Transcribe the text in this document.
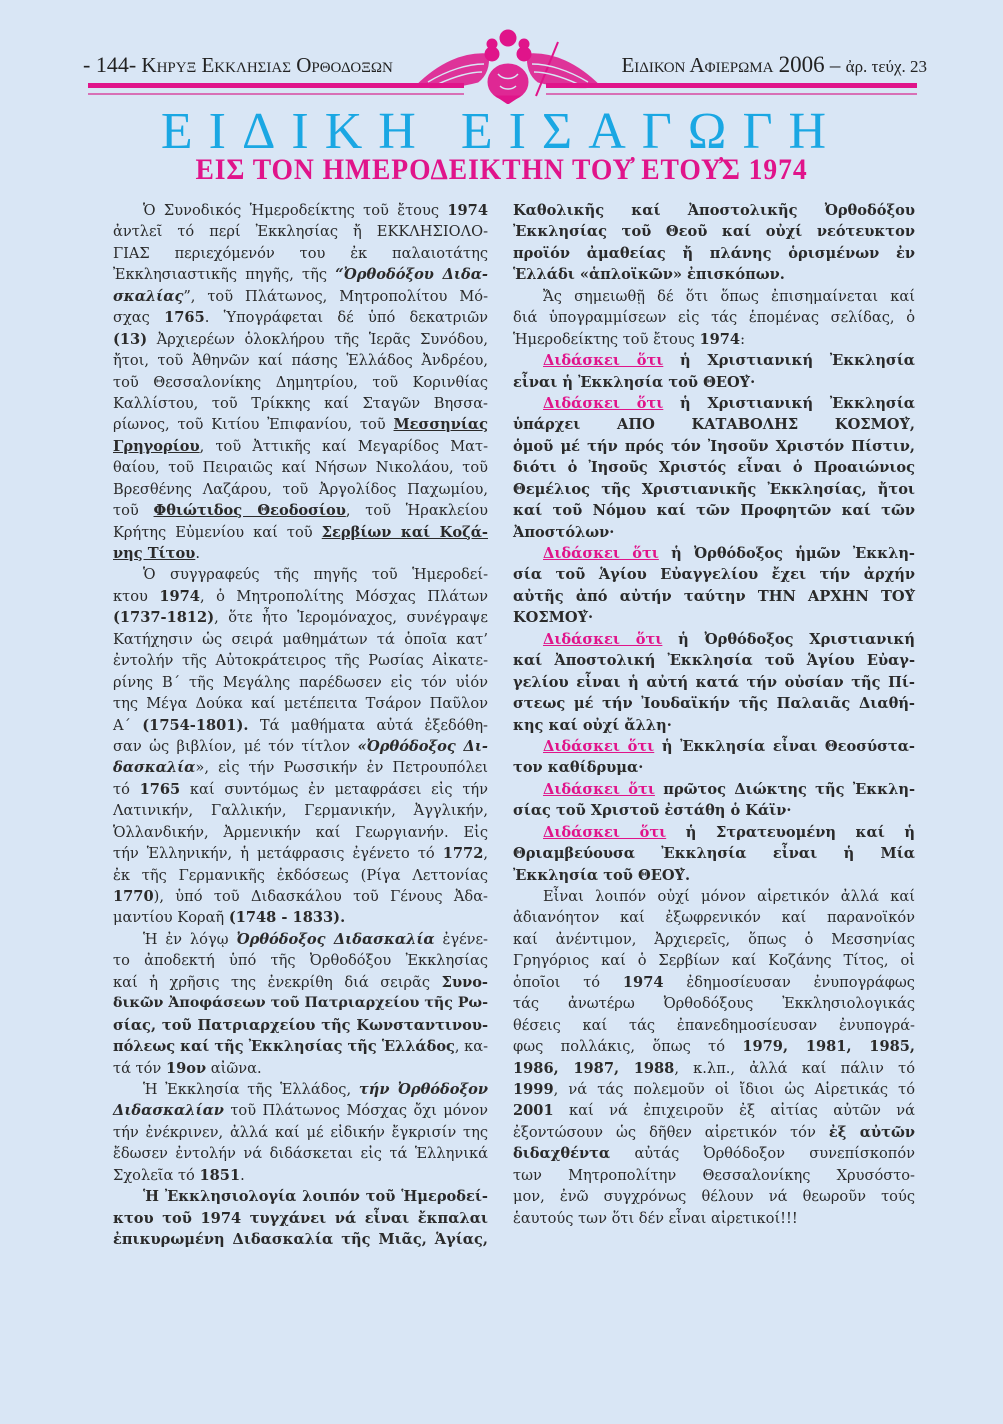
- 144- Κηρυξ Εκκλησιας Ορθοδοξων	Ειδικον Αφιερωμα 2006 – ἀρ. τεύχ. 23
ΕΙΔΙΚΗ ΕΙΣΑΓΩΓΗ
ΕΙΣ ΤΟΝ ΗΜΕΡΟΔΕΙΚΤΗΝ ΤΟΥ̓ ΕΤΟΥ̓Σ 1974
Ὁ Συνοδικός Ἡμεροδείκτης τοῦ ἔτους 1974
ἀντλεῖ τό περί Ἐκκλησίας ἤ ΕΚΚΛΗΣΙΟΛΟ-
ΓΙΑΣ περιεχόμενόν του ἐκ παλαιοτάτης
Ἐκκλησιαστικῆς πηγῆς, τῆς “Ὀρθοδόξου Διδα-
σκαλίας”, τοῦ Πλάτωνος, Μητροπολίτου Μό-
σχας 1765. Ὑπογράφεται δέ ὑπό δεκατριῶν
(13) Ἀρχιερέων ὁλοκλήρου τῆς Ἱερᾶς Συνόδου,
ἤτοι, τοῦ Ἀθηνῶν καί πάσης Ἑλλάδος Ἀνδρέου,
τοῦ Θεσσαλονίκης Δημητρίου, τοῦ Κορινθίας
Καλλίστου, τοῦ Τρίκκης καί Σταγῶν Βησσα-
ρίωνος, τοῦ Κιτίου Ἐπιφανίου, τοῦ Μεσσηνίας
Γρηγορίου, τοῦ Ἀττικῆς καί Μεγαρίδος Ματ-
θαίου, τοῦ Πειραιῶς καί Νήσων Νικολάου, τοῦ
Βρεσθένης Λαζάρου, τοῦ Ἀργολίδος Παχωμίου,
τοῦ Φθιώτιδος Θεοδοσίου, τοῦ Ἡρακλείου
Κρήτης Εὐμενίου καί τοῦ Σερβίων καί Κοζά-
νης Τίτου.
Ὁ συγγραφεύς τῆς πηγῆς τοῦ Ἡμεροδεί-
κτου 1974, ὁ Μητροπολίτης Μόσχας Πλάτων
(1737-1812), ὅτε ἦτο Ἱερομόναχος, συνέγραψε
Κατήχησιν ὡς σειρά μαθημάτων τά ὁποῖα κατ’
ἐντολήν τῆς Αὐτοκράτειρος τῆς Ρωσίας Αἰκατε-
ρίνης Β΄ τῆς Μεγάλης παρέδωσεν εἰς τόν υἱόν
της Μέγα Δούκα καί μετέπειτα Τσάρον Παῦλον
Α΄ (1754-1801). Τά μαθήματα αὐτά ἐξεδόθη-
σαν ὡς βιβλίον, μέ τόν τίτλον «Ὀρθόδοξος Δι-
δασκαλία», εἰς τήν Ρωσσικήν ἐν Πετρουπόλει
τό 1765 καί συντόμως ἐν μεταφράσει εἰς τήν
Λατινικήν, Γαλλικήν, Γερμανικήν, Ἀγγλικήν,
Ὁλλανδικήν, Ἀρμενικήν καί Γεωργιανήν. Εἰς
τήν Ἑλληνικήν, ἡ μετάφρασις ἐγένετο τό 1772,
ἐκ τῆς Γερμανικῆς ἐκδόσεως (Ρίγα Λεττονίας
1770), ὑπό τοῦ Διδασκάλου τοῦ Γένους Ἀδα-
μαντίου Κοραῆ (1748 - 1833).
Ἡ ἐν λόγῳ Ὀρθόδοξος Διδασκαλία ἐγένε-
το ἀποδεκτή ὑπό τῆς Ὀρθοδόξου Ἐκκλησίας
καί ἡ χρῆσις της ἐνεκρίθη διά σειρᾶς Συνο-
δικῶν Ἀποφάσεων τοῦ Πατριαρχείου τῆς Ρω-
σίας, τοῦ Πατριαρχείου τῆς Κωνσταντινου-
πόλεως καί τῆς Ἐκκλησίας τῆς Ἑλλάδος, κα-
τά τόν 19ον αἰῶνα.
Ἡ Ἐκκλησία τῆς Ἑλλάδος, τήν Ὀρθόδοξον
Διδασκαλίαν τοῦ Πλάτωνος Μόσχας ὄχι μόνον
τήν ἐνέκρινεν, ἀλλά καί μέ εἰδικήν ἔγκρισίν της
ἔδωσεν ἐντολήν νά διδάσκεται εἰς τά Ἑλληνικά
Σχολεῖα τό 1851.
Ἡ Ἐκκλησιολογία λοιπόν τοῦ Ἡμεροδεί-
κτου τοῦ 1974 τυγχάνει νά εἶναι ἔκπαλαι
ἐπικυρωμένη Διδασκαλία τῆς Μιᾶς, Ἁγίας,
Καθολικῆς καί Ἀποστολικῆς Ὀρθοδόξου
Ἐκκλησίας τοῦ Θεοῦ καί οὐχί νεότευκτον
προϊόν ἀμαθείας ἤ πλάνης ὁρισμένων ἐν
Ἑλλάδι «ἁπλοϊκῶν» ἐπισκόπων.
Ἄς σημειωθῇ δέ ὅτι ὅπως ἐπισημαίνεται καί
διά ὑπογραμμίσεων εἰς τάς ἑπομένας σελίδας, ὁ
Ἡμεροδείκτης τοῦ ἔτους 1974:
Διδάσκει ὅτι ἡ Χριστιανική Ἐκκλησία
εἶναι ἡ Ἐκκλησία τοῦ ΘΕΟΥ̓·
Διδάσκει ὅτι ἡ Χριστιανική Ἐκκλησία
ὑπάρχει ΑΠΟ ΚΑΤΑΒΟΛΗΣ ΚΟΣΜΟΥ̓,
ὁμοῦ μέ τήν πρός τόν Ἰησοῦν Χριστόν Πίστιν,
διότι ὁ Ἰησοῦς Χριστός εἶναι ὁ Προαιώνιος
Θεμέλιος τῆς Χριστιανικῆς Ἐκκλησίας, ἤτοι
καί τοῦ Νόμου καί τῶν Προφητῶν καί τῶν
Ἀποστόλων·
Διδάσκει ὅτι ἡ Ὀρθόδοξος ἡμῶν Ἐκκλη-
σία τοῦ Ἁγίου Εὐαγγελίου ἔχει τήν ἀρχήν
αὐτῆς ἀπό αὐτήν ταύτην ΤΗΝ ΑΡΧΗΝ ΤΟΥ̓
ΚΟΣΜΟΥ̓·
Διδάσκει ὅτι ἡ Ὀρθόδοξος Χριστιανική
καί Ἀποστολική Ἐκκλησία τοῦ Ἁγίου Εὐαγ-
γελίου εἶναι ἡ αὐτή κατά τήν οὐσίαν τῆς Πί-
στεως μέ τήν Ἰουδαϊκήν τῆς Παλαιᾶς Διαθή-
κης καί οὐχί ἄλλη·
Διδάσκει ὅτι ἡ Ἐκκλησία εἶναι Θεοσύστα-
τον καθίδρυμα·
Διδάσκει ὅτι πρῶτος Διώκτης τῆς Ἐκκλη-
σίας τοῦ Χριστοῦ ἐστάθη ὁ Κάϊν·
Διδάσκει ὅτι ἡ Στρατευομένη καί ἡ
Θριαμβεύουσα Ἐκκλησία εἶναι ἡ Μία
Ἐκκλησία τοῦ ΘΕΟΥ̓.
Εἶναι λοιπόν οὐχί μόνον αἱρετικόν ἀλλά καί
ἀδιανόητον καί ἐξωφρενικόν καί παρανοϊκόν
καί ἀνέντιμον, Ἀρχιερεῖς, ὅπως ὁ Μεσσηνίας
Γρηγόριος καί ὁ Σερβίων καί Κοζάνης Τίτος, οἱ
ὁποῖοι τό 1974 ἐδημοσίευσαν ἐνυπογράφως
τάς ἀνωτέρω Ὀρθοδόξους Ἐκκλησιολογικάς
θέσεις καί τάς ἐπανεδημοσίευσαν ἐνυπογρά-
φως πολλάκις, ὅπως τό 1979, 1981, 1985,
1986, 1987, 1988, κ.λπ., ἀλλά καί πάλιν τό
1999, νά τάς πολεμοῦν οἱ ἴδιοι ὡς Αἱρετικάς τό
2001 καί νά ἐπιχειροῦν ἐξ αἰτίας αὐτῶν νά
ἐξοντώσουν ὡς δῆθεν αἱρετικόν τόν ἐξ αὐτῶν
διδαχθέντα αὐτάς Ὀρθόδοξον συνεπίσκοπόν
των Μητροπολίτην Θεσσαλονίκης Χρυσόστο-
μον, ἐνῶ συγχρόνως θέλουν νά θεωροῦν τούς
ἑαυτούς των ὅτι δέν εἶναι αἱρετικοί!!!
